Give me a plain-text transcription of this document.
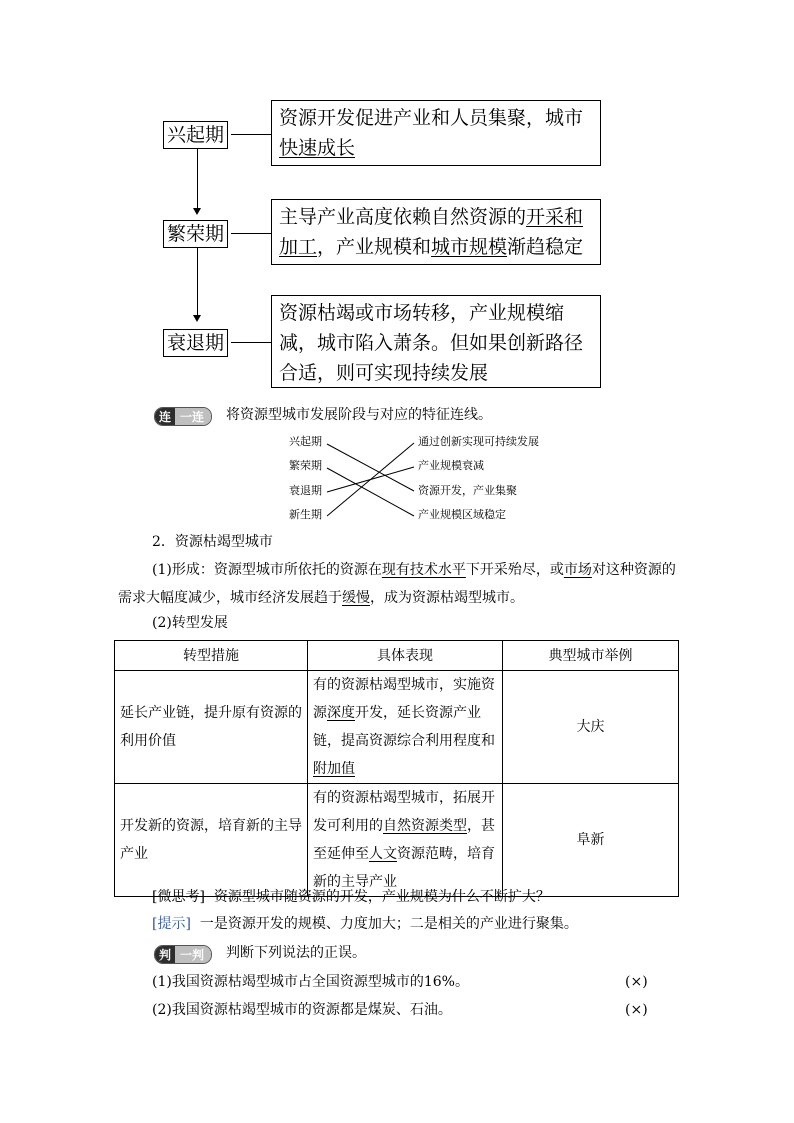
兴起期
资源开发促进产业和人员集聚，城市快速成长
繁荣期
主导产业高度依赖自然资源的开采和加工，产业规模和城市规模渐趋稳定
衰退期
资源枯竭或市场转移，产业规模缩减，城市陷入萧条。但如果创新路径合适，则可实现持续发展
连 一连	将资源型城市发展阶段与对应的特征连线。
兴起期
繁荣期
衰退期
新生期
通过创新实现可持续发展
产业规模衰减
资源开发，产业集聚
产业规模区域稳定
2．资源枯竭型城市
(1)形成：资源型城市所依托的资源在现有技术水平下开采殆尽，或市场对这种资源的需求大幅度减少，城市经济发展趋于缓慢，成为资源枯竭型城市。
(2)转型发展
转型措施	具体表现	典型城市举例
延长产业链，提升原有资源的利用价值	有的资源枯竭型城市，实施资源深度开发，延长资源产业链，提高资源综合利用程度和附加值	大庆
开发新的资源，培育新的主导产业	有的资源枯竭型城市，拓展开发可利用的自然资源类型，甚至延伸至人文资源范畴，培育新的主导产业	阜新
[微思考] 资源型城市随资源的开发，产业规模为什么不断扩大？
[提示] 一是资源开发的规模、力度加大；二是相关的产业进行聚集。
判 一判	判断下列说法的正误。
(1)我国资源枯竭型城市占全国资源型城市的16%。	(×)
(2)我国资源枯竭型城市的资源都是煤炭、石油。	(×)
